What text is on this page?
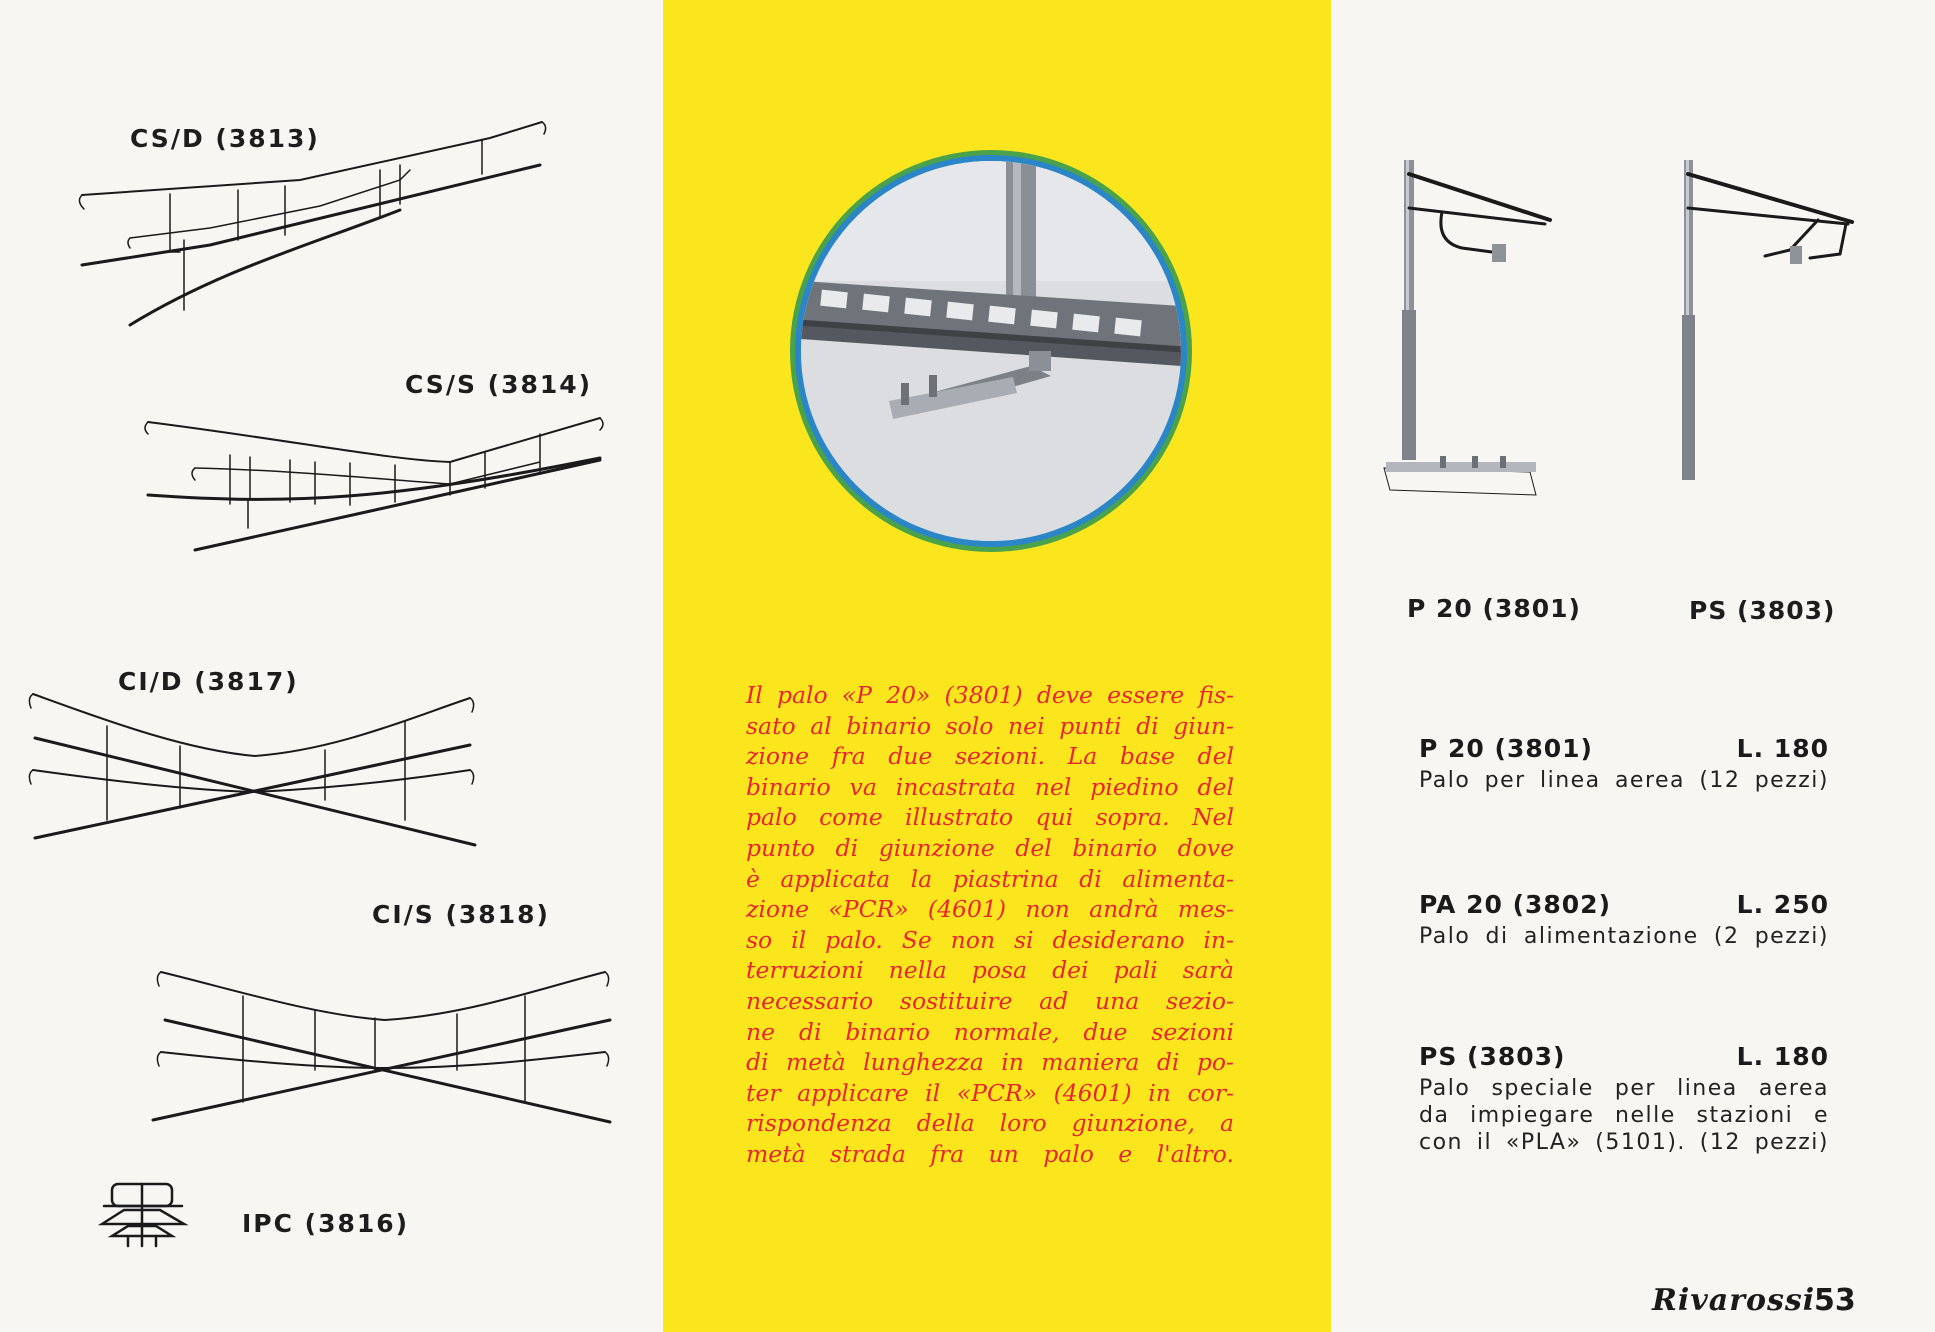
CS/D (3813)
CS/S (3814)
CI/D (3817)
CI/S (3818)
IPC (3816)
Il palo «P 20» (3801) deve essere fis-
sato al binario solo nei punti di giun-
zione fra due sezioni. La base del
binario va incastrata nel piedino del
palo come illustrato qui sopra. Nel
punto di giunzione del binario dove
è applicata la piastrina di alimenta-
zione «PCR» (4601) non andrà mes-
so il palo. Se non si desiderano in-
terruzioni nella posa dei pali sarà
necessario sostituire ad una sezio-
ne di binario normale, due sezioni
di metà lunghezza in maniera di po-
ter applicare il «PCR» (4601) in cor-
rispondenza della loro giunzione, a
metà strada fra un palo e l'altro.
P 20 (3801)	PS (3803)
P 20 (3801)	L. 180
Palo per linea aerea (12 pezzi)
PA 20 (3802)	L. 250
Palo di alimentazione (2 pezzi)
PS (3803)	L. 180
Palo speciale per linea aerea
da impiegare nelle stazioni e
con il «PLA» (5101). (12 pezzi)
Rivarossi
53
